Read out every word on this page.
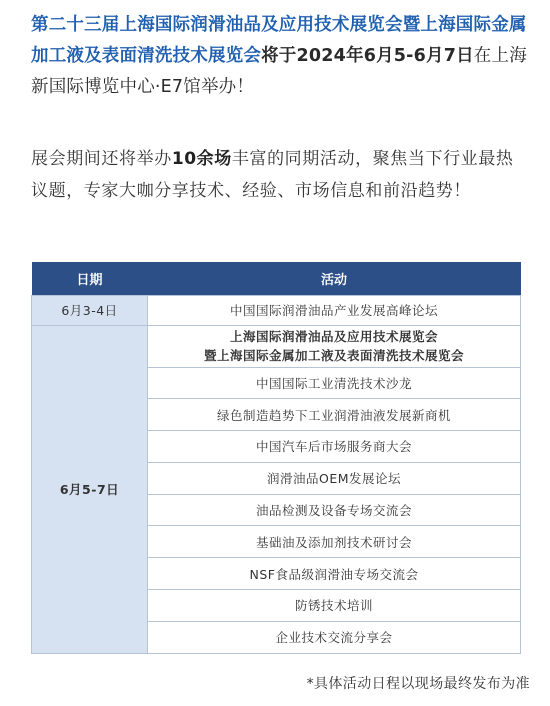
第二十三届上海国际润滑油品及应用技术展览会暨上海国际金属加工液及表面清洗技术展览会将于2024年6月5-6月7日在上海新国际博览中心·E7馆举办！
展会期间还将举办10余场丰富的同期活动，聚焦当下行业最热议题，专家大咖分享技术、经验、市场信息和前沿趋势！
日期	活动
6月3-4日	中国国际润滑油品产业发展高峰论坛
6月5-7日	上海国际润滑油品及应用技术展览会
暨上海国际金属加工液及表面清洗技术展览会
	中国国际工业清洗技术沙龙
	绿色制造趋势下工业润滑油液发展新商机
	中国汽车后市场服务商大会
	润滑油品OEM发展论坛
	油品检测及设备专场交流会
	基础油及添加剂技术研讨会
	NSF食品级润滑油专场交流会
	防锈技术培训
	企业技术交流分享会
*具体活动日程以现场最终发布为准
